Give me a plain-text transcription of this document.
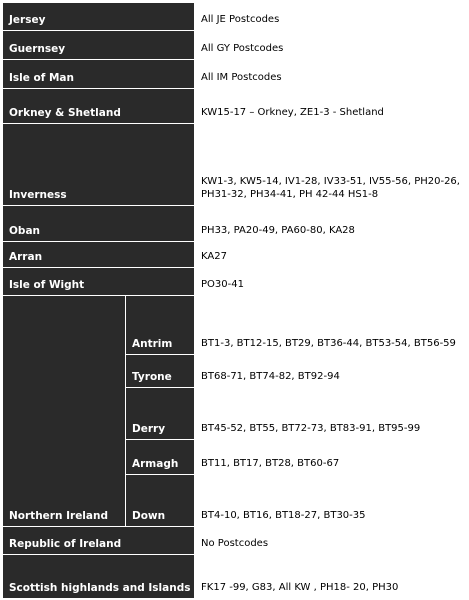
Jersey		All JE Postcodes
Guernsey		All GY Postcodes
Isle of Man		All IM Postcodes
Orkney & Shetland		KW15-17 – Orkney, ZE1-3 - Shetland
Inverness		KW1-3, KW5-14, IV1-28, IV33-51, IV55-56, PH20-26, PH31-32, PH34-41, PH 42-44 HS1-8
Oban		PH33, PA20-49, PA60-80, KA28
Arran		KA27
Isle of Wight		PO30-41
Northern Ireland	Antrim	BT1-3, BT12-15, BT29, BT36-44, BT53-54, BT56-59
	Tyrone	BT68-71, BT74-82, BT92-94
	Derry	BT45-52, BT55, BT72-73, BT83-91, BT95-99
	Armagh	BT11, BT17, BT28, BT60-67
	Down	BT4-10, BT16, BT18-27, BT30-35
Republic of Ireland		No Postcodes
Scottish highlands and Islands		FK17 -99, G83, All KW , PH18- 20, PH30
